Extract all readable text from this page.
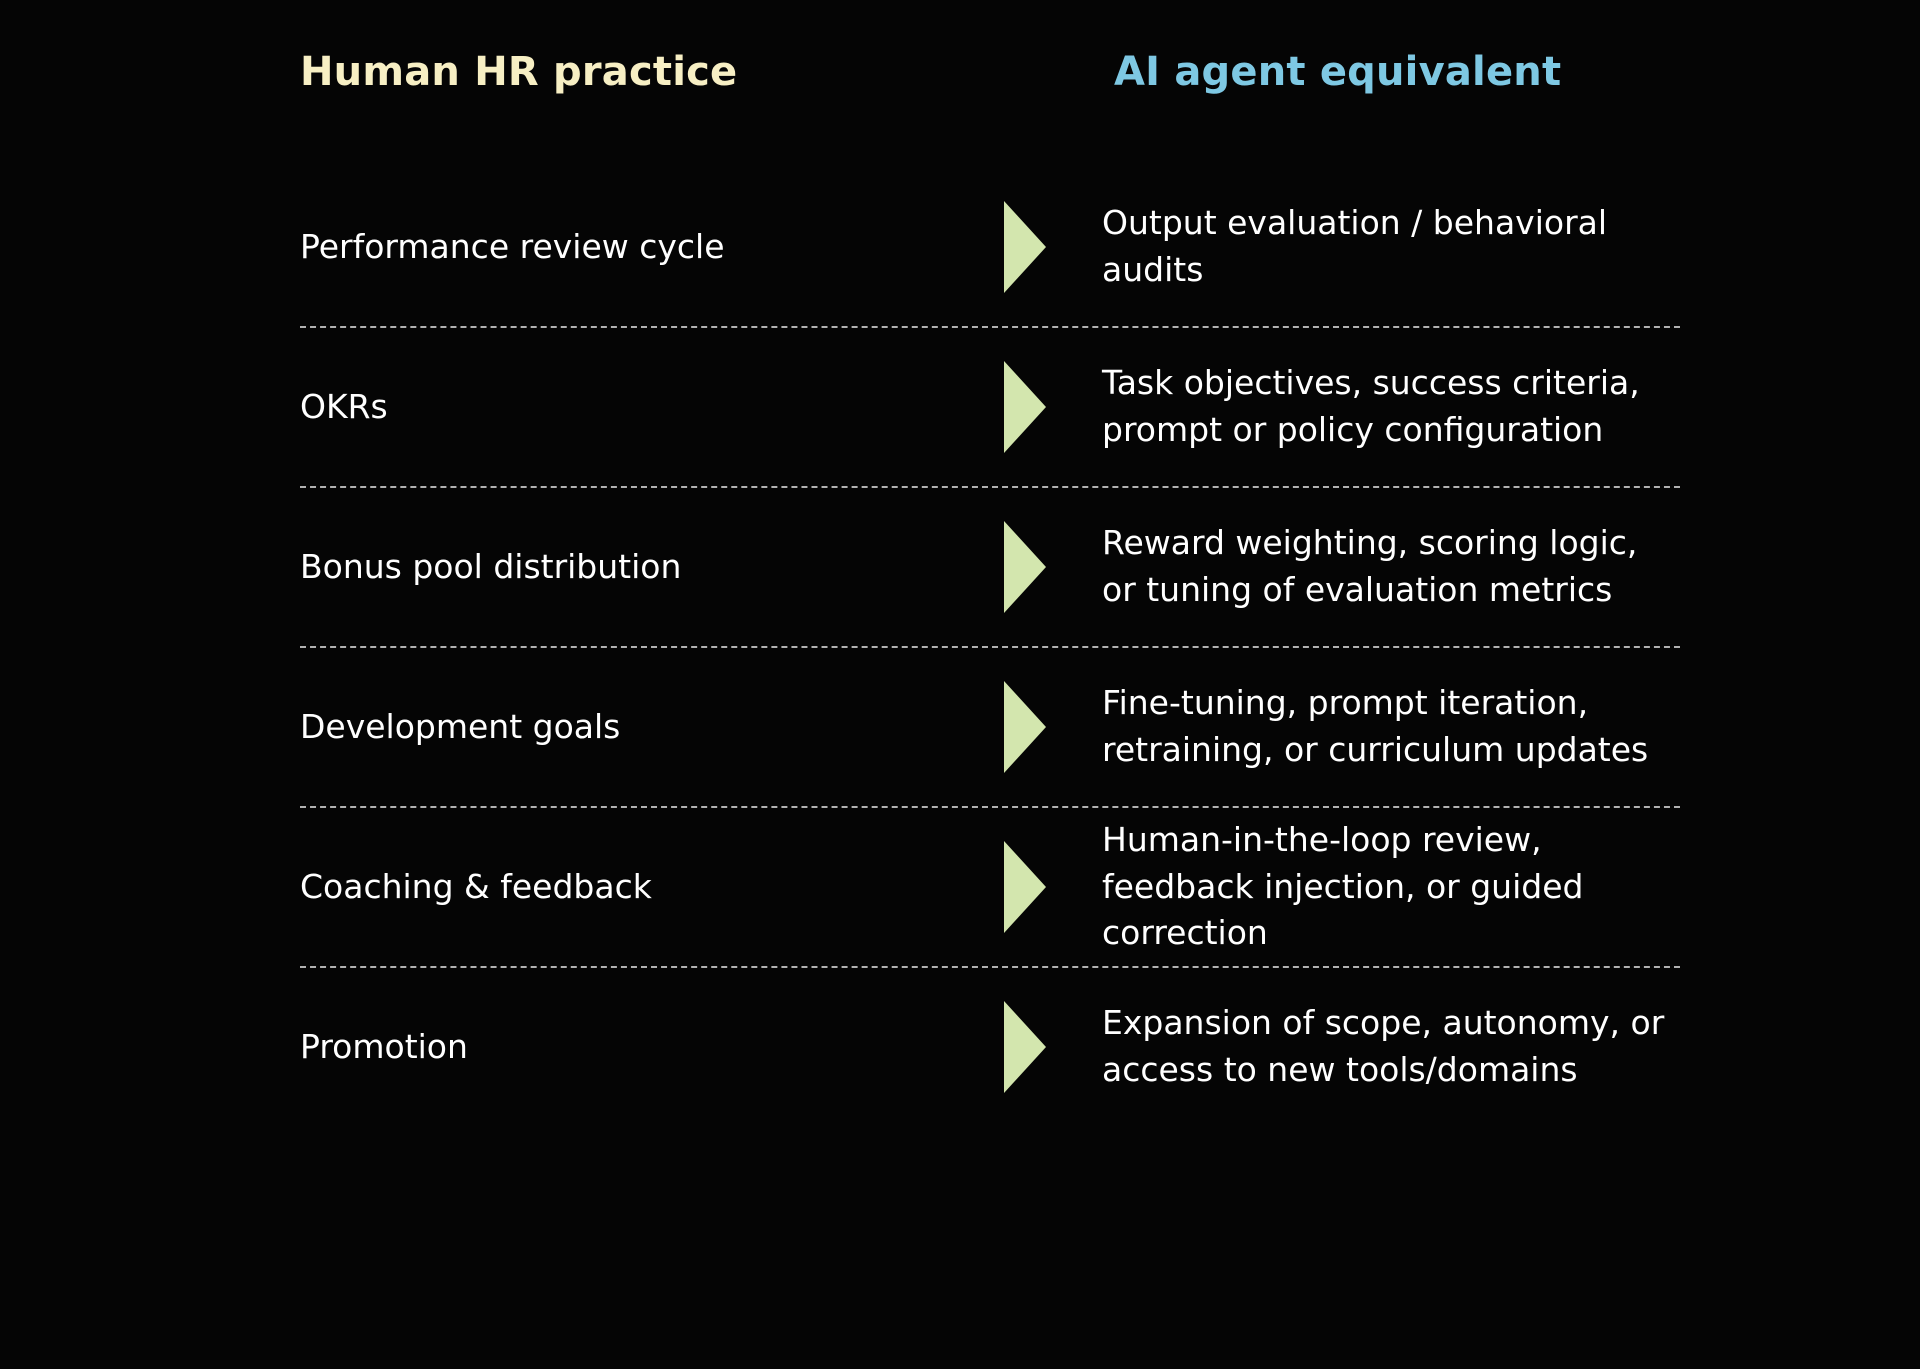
Human HR practice	AI agent equivalent
Performance review cycle
Output evaluation / behavioral audits
OKRs
Task objectives, success criteria, prompt or policy configuration
Bonus pool distribution
Reward weighting, scoring logic, or tuning of evaluation metrics
Development goals
Fine-tuning, prompt iteration, retraining, or curriculum updates
Coaching & feedback
Human-in-the-loop review, feedback injection, or guided correction
Promotion
Expansion of scope, autonomy, or access to new tools/domains
